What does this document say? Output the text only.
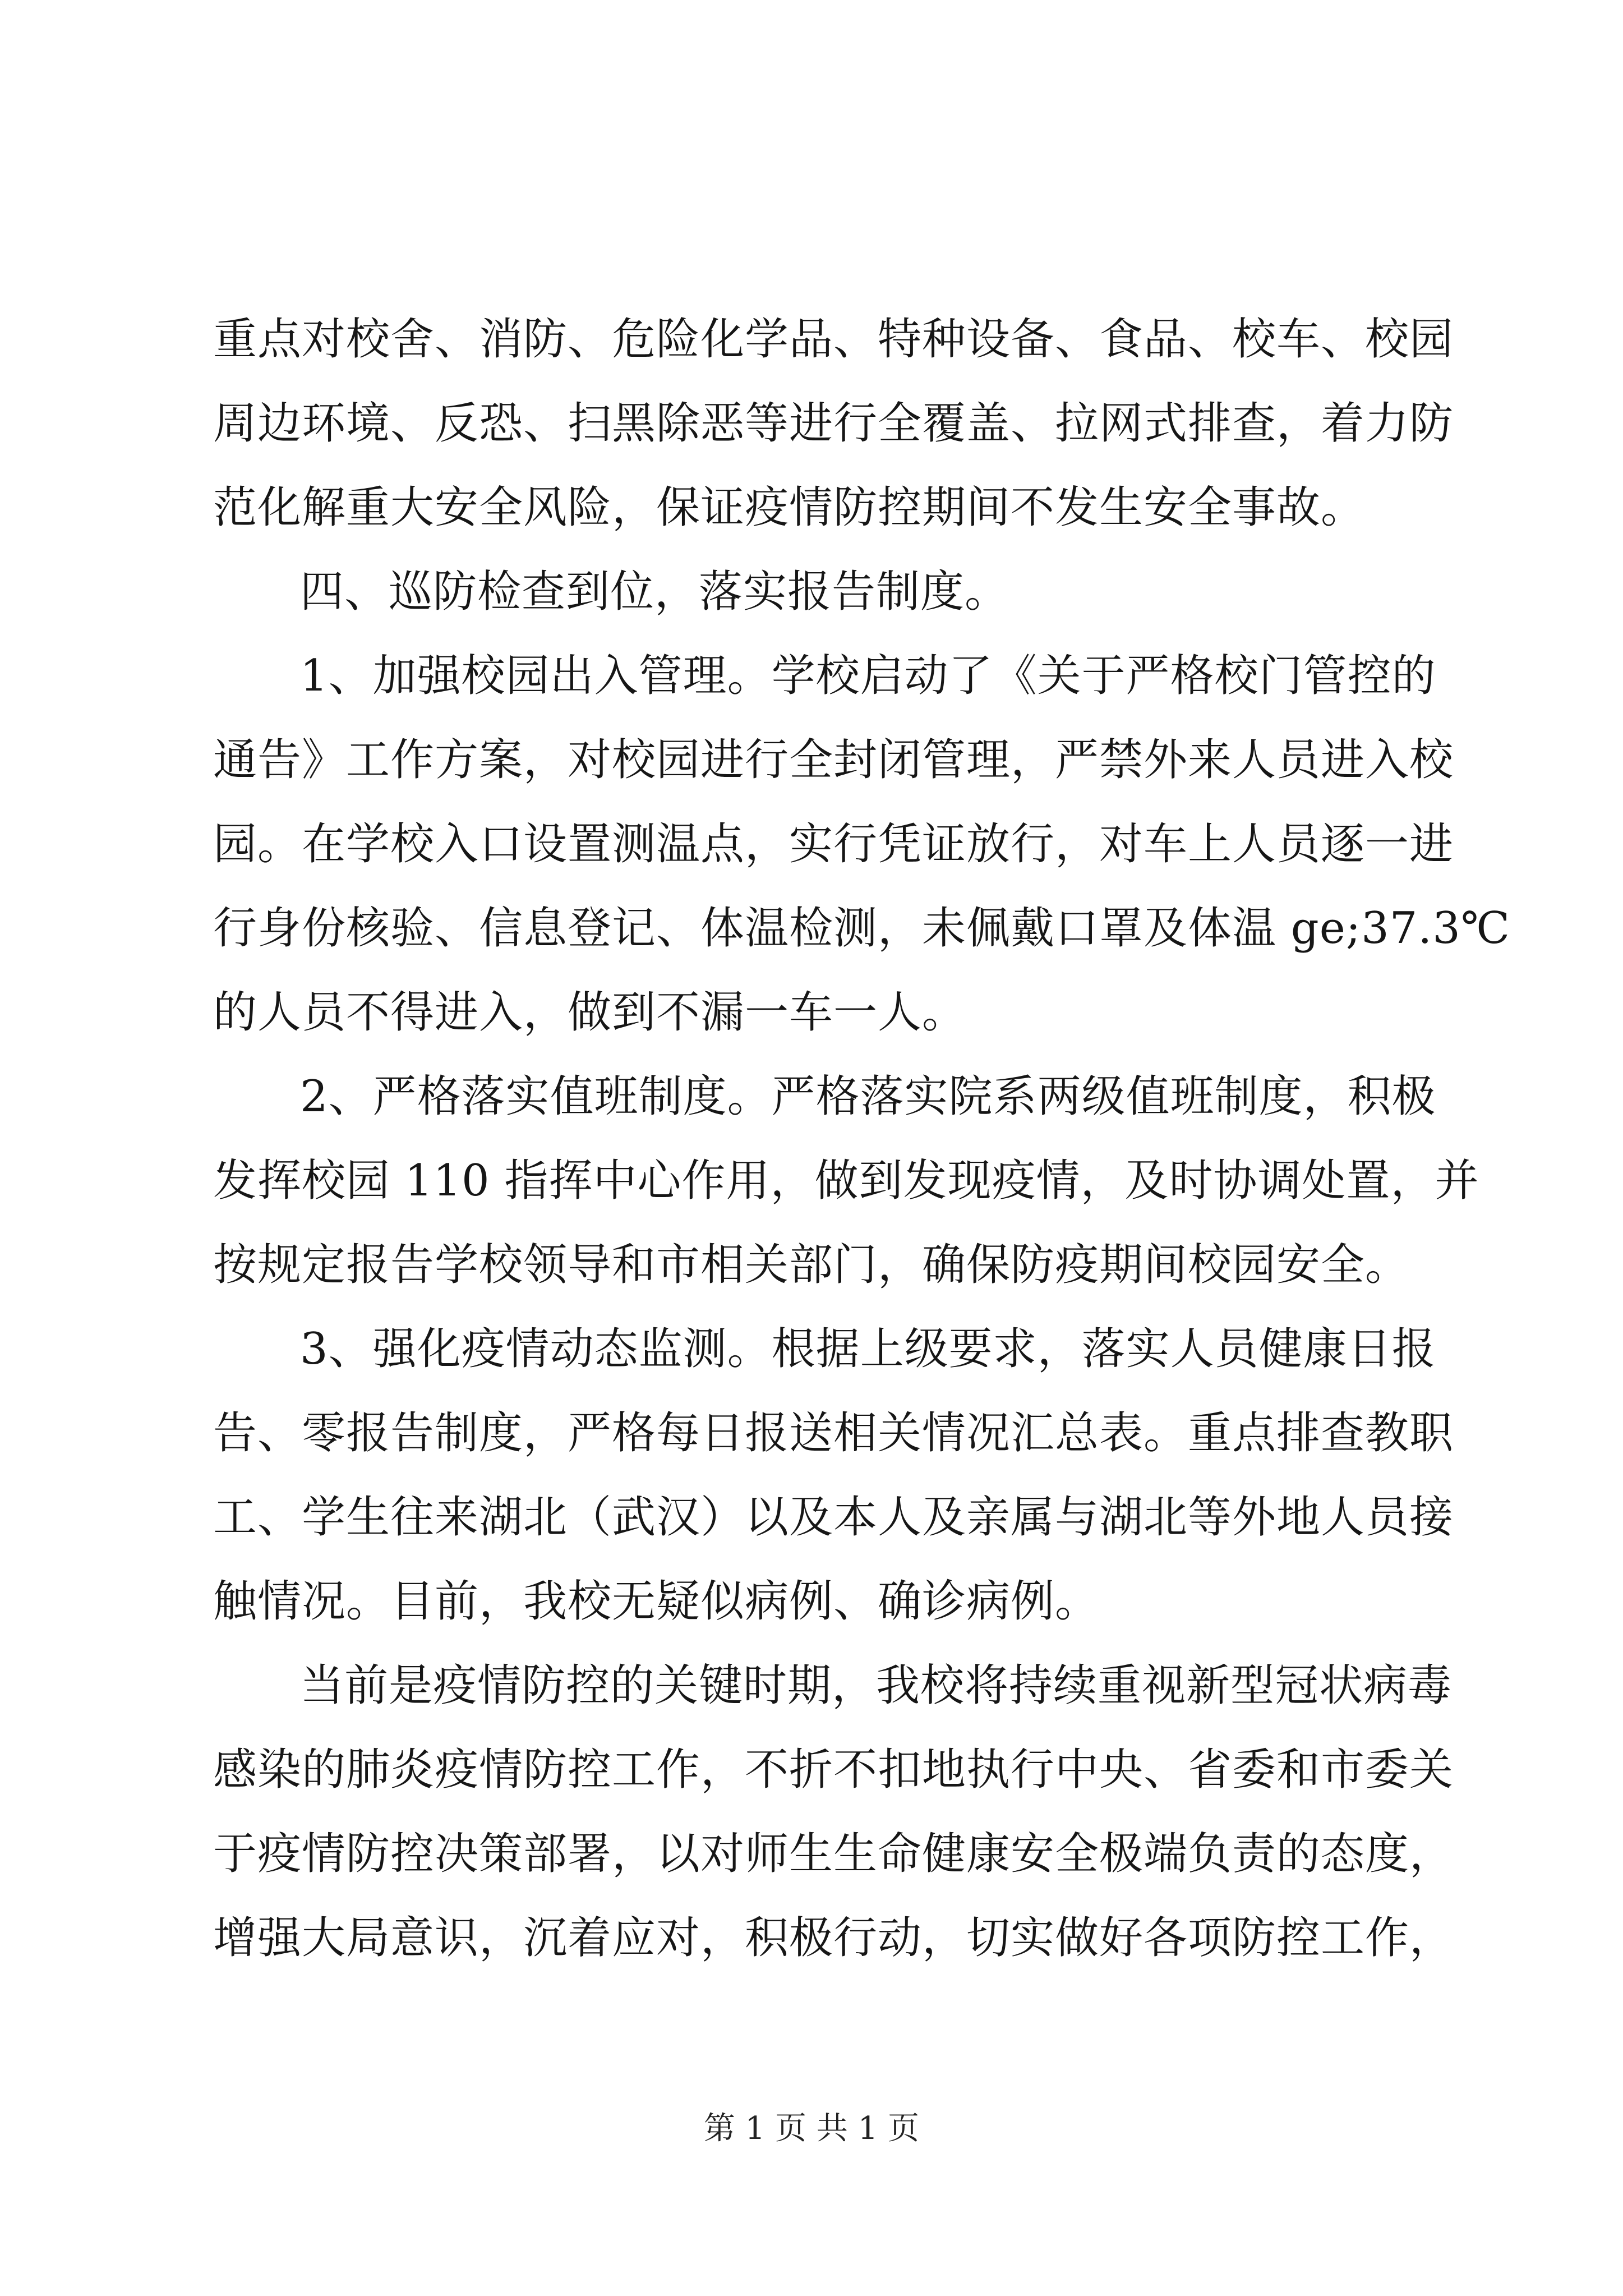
重点对校舍、消防、危险化学品、特种设备、食品、校车、校园
周边环境、反恐、扫黑除恶等进行全覆盖、拉网式排查，着力防
范化解重大安全风险，保证疫情防控期间不发生安全事故。
四、巡防检查到位，落实报告制度。
1、加强校园出入管理。学校启动了《关于严格校门管控的
通告》工作方案，对校园进行全封闭管理，严禁外来人员进入校
园。在学校入口设置测温点，实行凭证放行，对车上人员逐一进
行身份核验、信息登记、体温检测，未佩戴口罩及体温 ge;37.3℃
的人员不得进入，做到不漏一车一人。
2、严格落实值班制度。严格落实院系两级值班制度，积极
发挥校园 110 指挥中心作用，做到发现疫情，及时协调处置，并
按规定报告学校领导和市相关部门，确保防疫期间校园安全。
3、强化疫情动态监测。根据上级要求，落实人员健康日报
告、零报告制度，严格每日报送相关情况汇总表。重点排查教职
工、学生往来湖北（武汉）以及本人及亲属与湖北等外地人员接
触情况。目前，我校无疑似病例、确诊病例。
当前是疫情防控的关键时期，我校将持续重视新型冠状病毒
感染的肺炎疫情防控工作，不折不扣地执行中央、省委和市委关
于疫情防控决策部署，以对师生生命健康安全极端负责的态度，
增强大局意识，沉着应对，积极行动，切实做好各项防控工作，
第 1 页 共 1 页
